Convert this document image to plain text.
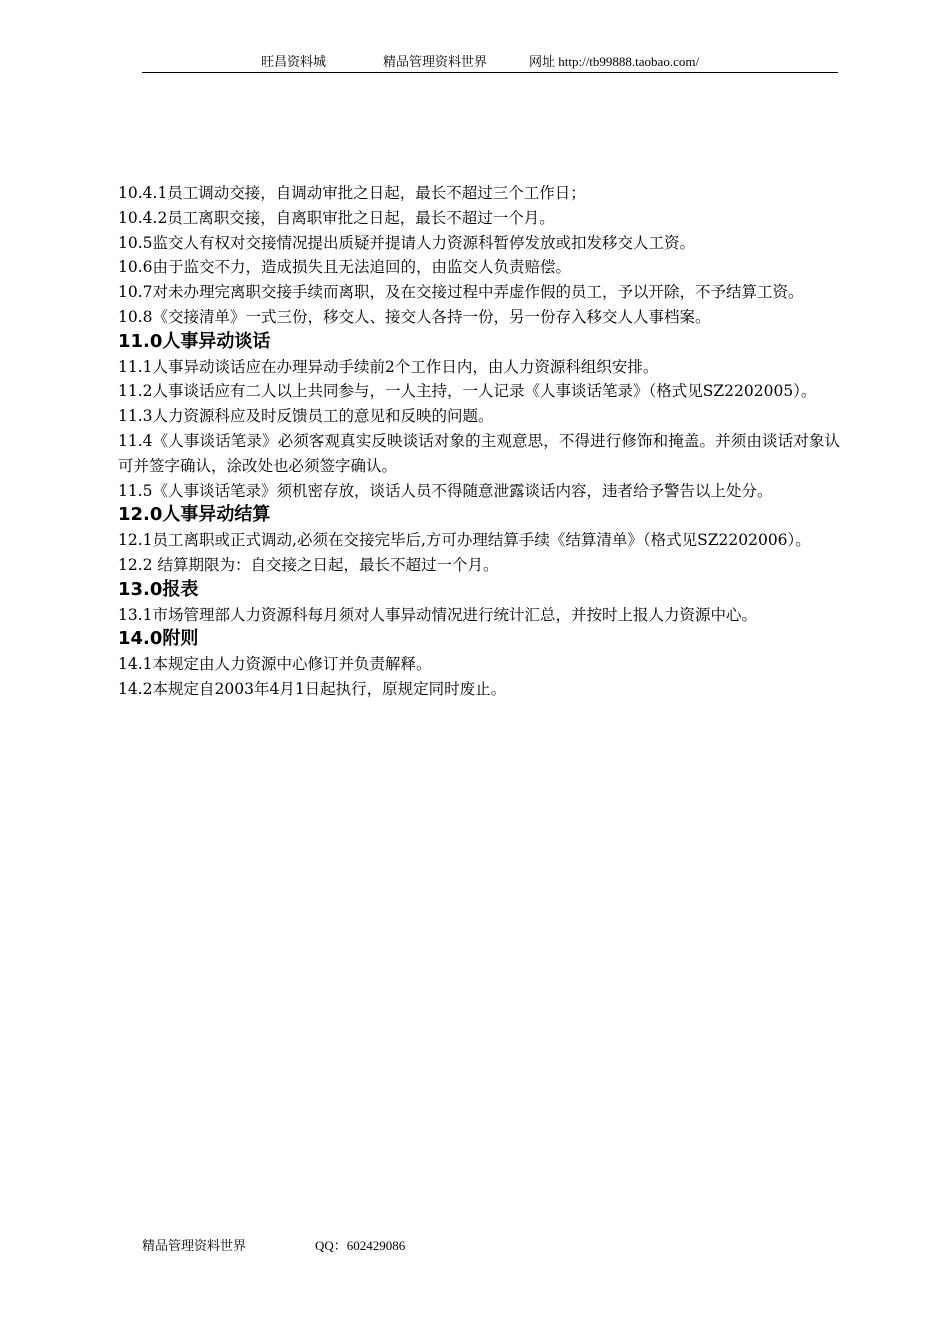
旺昌资料城	精品管理资料世界	网址 http://tb99888.taobao.com/

10.4.1员工调动交接，自调动审批之日起，最长不超过三个工作日；

10.4.2员工离职交接，自离职审批之日起，最长不超过一个月。

10.5监交人有权对交接情况提出质疑并提请人力资源科暂停发放或扣发移交人工资。

10.6由于监交不力，造成损失且无法追回的，由监交人负责赔偿。

10.7对未办理完离职交接手续而离职，及在交接过程中弄虚作假的员工，予以开除，不予结算工资。

10.8《交接清单》一式三份，移交人、接交人各持一份，另一份存入移交人人事档案。

11.0人事异动谈话

11.1人事异动谈话应在办理异动手续前2个工作日内，由人力资源科组织安排。

11.2人事谈话应有二人以上共同参与，一人主持，一人记录《人事谈话笔录》（格式见SZ2202005）。

11.3人力资源科应及时反馈员工的意见和反映的问题。

11.4《人事谈话笔录》必须客观真实反映谈话对象的主观意思，不得进行修饰和掩盖。并须由谈话对象认可并签字确认，涂改处也必须签字确认。

11.5《人事谈话笔录》须机密存放，谈话人员不得随意泄露谈话内容，违者给予警告以上处分。

12.0人事异动结算

12.1员工离职或正式调动,必须在交接完毕后,方可办理结算手续《结算清单》（格式见SZ2202006）。

12.2 结算期限为：自交接之日起，最长不超过一个月。

13.0报表

13.1市场管理部人力资源科每月须对人事异动情况进行统计汇总，并按时上报人力资源中心。

14.0附则

14.1本规定由人力资源中心修订并负责解释。

14.2本规定自2003年4月1日起执行，原规定同时废止。

精品管理资料世界	QQ：602429086
